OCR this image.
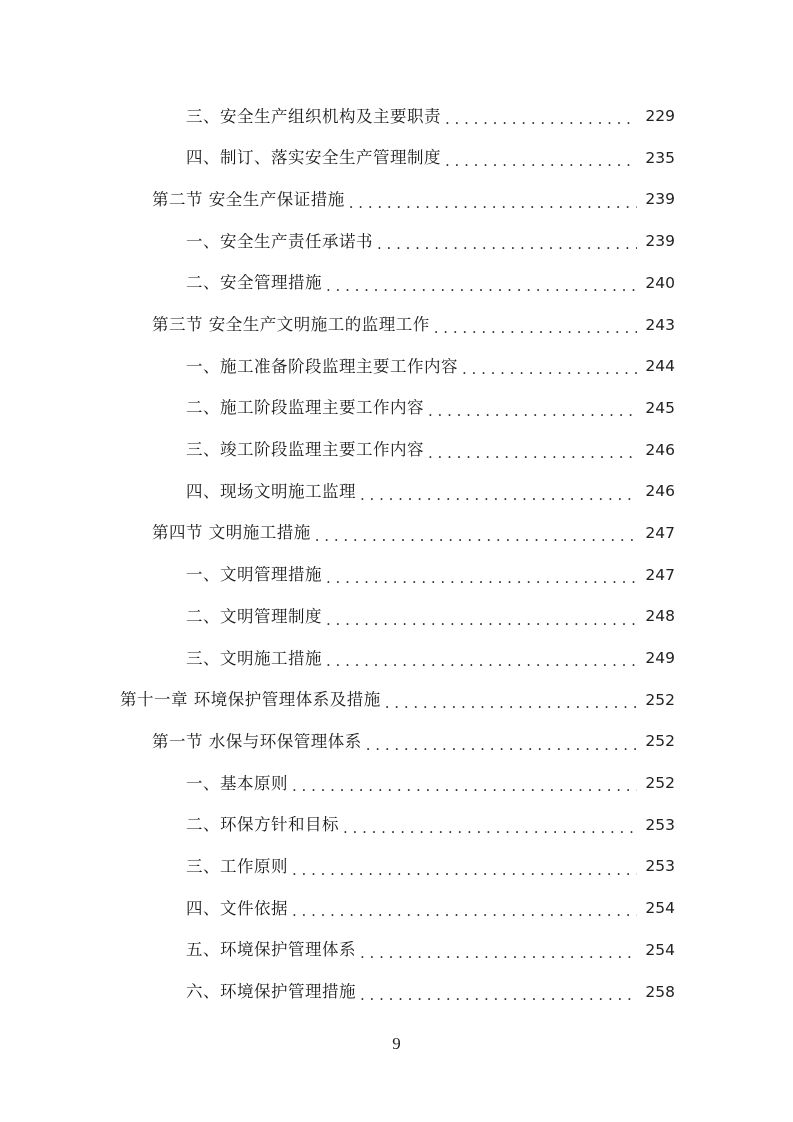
三、安全生产组织机构及主要职责 . . .	229
四、制订、落实安全生产管理制度 . . .	235
第二节 安全生产保证措施 . . .	239
一、安全生产责任承诺书 . . .	239
二、安全管理措施 . . .	240
第三节 安全生产文明施工的监理工作 . . .	243
一、施工准备阶段监理主要工作内容 . . .	244
二、施工阶段监理主要工作内容 . . .	245
三、竣工阶段监理主要工作内容 . . .	246
四、现场文明施工监理 . . .	246
第四节 文明施工措施 . . .	247
一、文明管理措施 . . .	247
二、文明管理制度 . . .	248
三、文明施工措施 . . .	249
第十一章 环境保护管理体系及措施 . . .	252
第一节 水保与环保管理体系 . . .	252
一、基本原则 . . .	252
二、环保方针和目标 . . .	253
三、工作原则 . . .	253
四、文件依据 . . .	254
五、环境保护管理体系 . . .	254
六、环境保护管理措施 . . .	258
9
